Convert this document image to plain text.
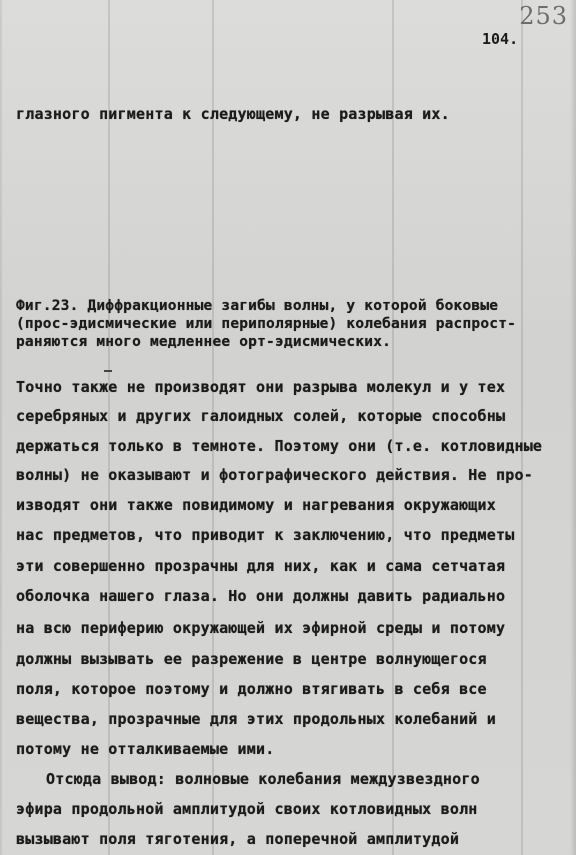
253
104.
глазного пигмента к следующему, не разрывая их.
Фиг.23. Диффракционные загибы волны, у которой боковые
(прос-эдисмические или периполярные) колебания распрост-
раняются много медленнее орт-эдисмических.
Точно также не производят они разрыва молекул и у тех
серебряных и других галоидных солей, которые способны
держаться только в темноте. Поэтому они (т.е. котловидные
волны) не оказывают и фотографического действия. Не про-
изводят они также повидимому и нагревания окружающих
нас предметов, что приводит к заключению, что предметы
эти совершенно прозрачны для них, как и сама сетчатая
оболочка нашего глаза. Но они должны давить радиально
на всю периферию окружающей их эфирной среды и потому
должны вызывать ее разрежение в центре волнующегося
поля, которое поэтому и должно втягивать в себя все
вещества, прозрачные для этих продольных колебаний и
потому не отталкиваемые ими.
Отсюда вывод: волновые колебания междузвездного
эфира продольной амплитудой своих котловидных волн
вызывают поля тяготения, а поперечной амплитудой
